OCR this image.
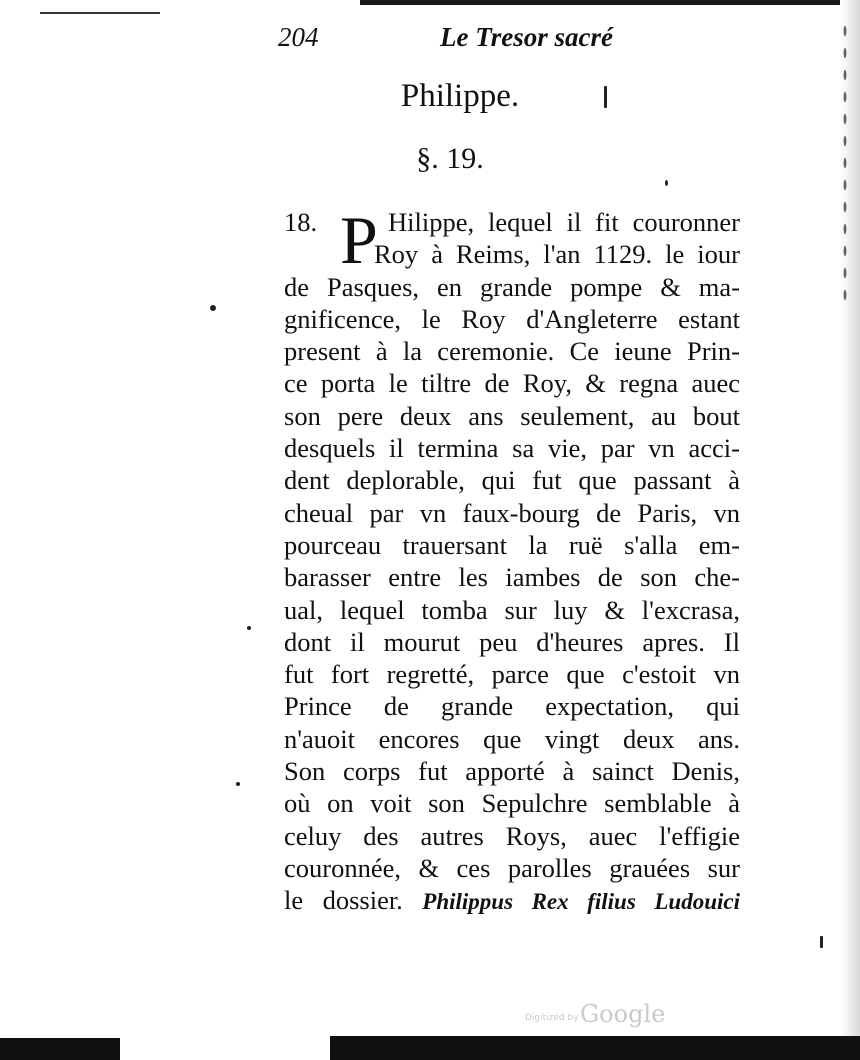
204	Le Tresor sacré
Philippe.
§. 19.
P
18.	Hilippe, lequel il fit couronner
Roy à Reims, l'an 1129. le iour
de Pasques, en grande pompe & ma-
gnificence, le Roy d'Angleterre estant
present à la ceremonie. Ce ieune Prin-
ce porta le tiltre de Roy, & regna auec
son pere deux ans seulement, au bout
desquels il termina sa vie, par vn acci-
dent deplorable, qui fut que passant à
cheual par vn faux-bourg de Paris, vn
pourceau trauersant la ruë s'alla em-
barasser entre les iambes de son che-
ual, lequel tomba sur luy & l'excrasa,
dont il mourut peu d'heures apres. Il
fut fort regretté, parce que c'estoit vn
Prince de grande expectation, qui
n'auoit encores que vingt deux ans.
Son corps fut apporté à sainct Denis,
où on voit son Sepulchre semblable à
celuy des autres Roys, auec l'effigie
couronnée, & ces parolles grauées sur
le dossier. Philippus Rex filius Ludouici
Digitized by Google
